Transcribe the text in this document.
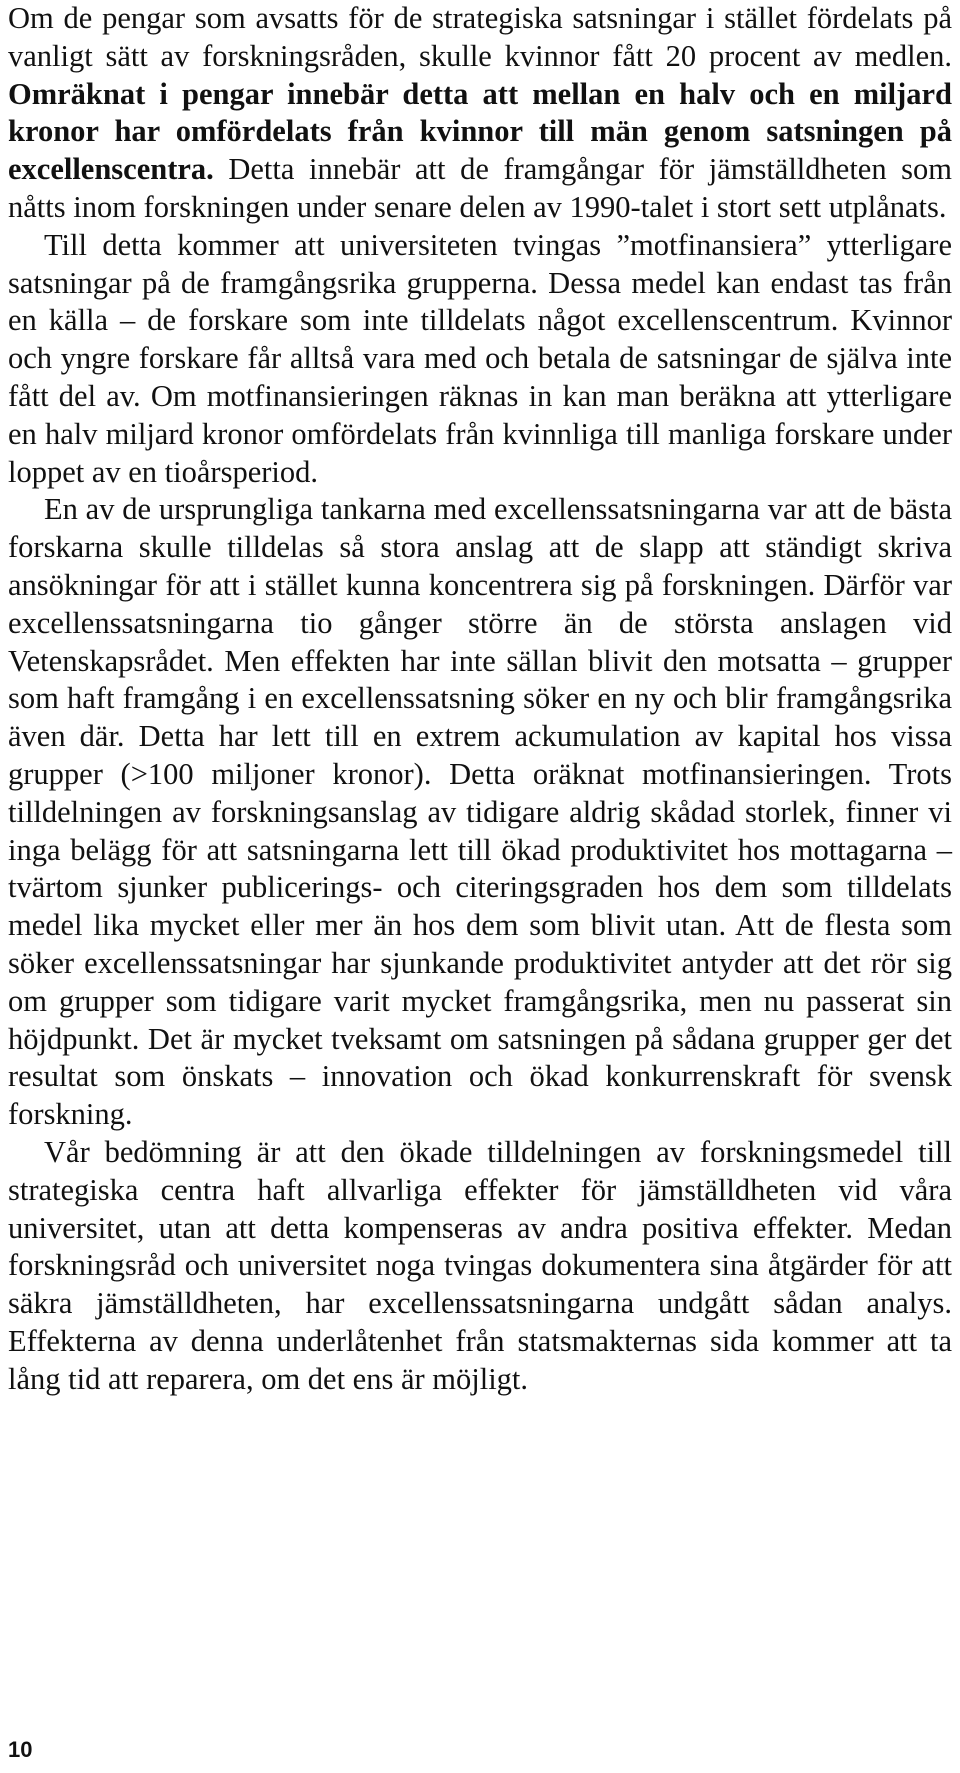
Om de pengar som avsatts för de strategiska satsningar i stället fördelats på vanligt sätt av forskningsråden, skulle kvinnor fått 20 procent av medlen. Omräknat i pengar innebär detta att mellan en halv och en miljard kronor har omfördelats från kvinnor till män genom satsningen på excellenscentra. Detta innebär att de framgångar för jämställdheten som nåtts inom forskningen under senare delen av 1990-talet i stort sett utplånats.

Till detta kommer att universiteten tvingas ”motfinansiera” ytterligare satsningar på de framgångsrika grupperna. Dessa medel kan endast tas från en källa – de forskare som inte tilldelats något excellenscentrum. Kvinnor och yngre forskare får alltså vara med och betala de satsningar de själva inte fått del av. Om motfinansieringen räknas in kan man beräkna att ytterligare en halv miljard kronor omfördelats från kvinnliga till manliga forskare under loppet av en tioårsperiod.

En av de ursprungliga tankarna med excellenssatsningarna var att de bästa forskarna skulle tilldelas så stora anslag att de slapp att ständigt skriva ansökningar för att i stället kunna koncentrera sig på forskningen. Därför var excellenssatsningarna tio gånger större än de största anslagen vid Vetenskapsrådet. Men effekten har inte sällan blivit den motsatta – grupper som haft framgång i en excellenssatsning söker en ny och blir framgångsrika även där. Detta har lett till en extrem ackumulation av kapital hos vissa grupper (>100 miljoner kronor). Detta oräknat motfinansieringen. Trots tilldelningen av forskningsanslag av tidigare aldrig skådad storlek, finner vi inga belägg för att satsningarna lett till ökad produktivitet hos mottagarna – tvärtom sjunker publicerings- och citeringsgraden hos dem som tilldelats medel lika mycket eller mer än hos dem som blivit utan. Att de flesta som söker excellenssatsningar har sjunkande produktivitet antyder att det rör sig om grupper som tidigare varit mycket framgångsrika, men nu passerat sin höjdpunkt. Det är mycket tveksamt om satsningen på sådana grupper ger det resultat som önskats – innovation och ökad konkurrenskraft för svensk forskning.

Vår bedömning är att den ökade tilldelningen av forskningsmedel till strategiska centra haft allvarliga effekter för jämställdheten vid våra universitet, utan att detta kompenseras av andra positiva effekter. Medan forskningsråd och universitet noga tvingas dokumentera sina åtgärder för att säkra jämställdheten, har excellenssatsningarna undgått sådan analys. Effekterna av denna underlåtenhet från statsmakternas sida kommer att ta lång tid att reparera, om det ens är möjligt.

10
